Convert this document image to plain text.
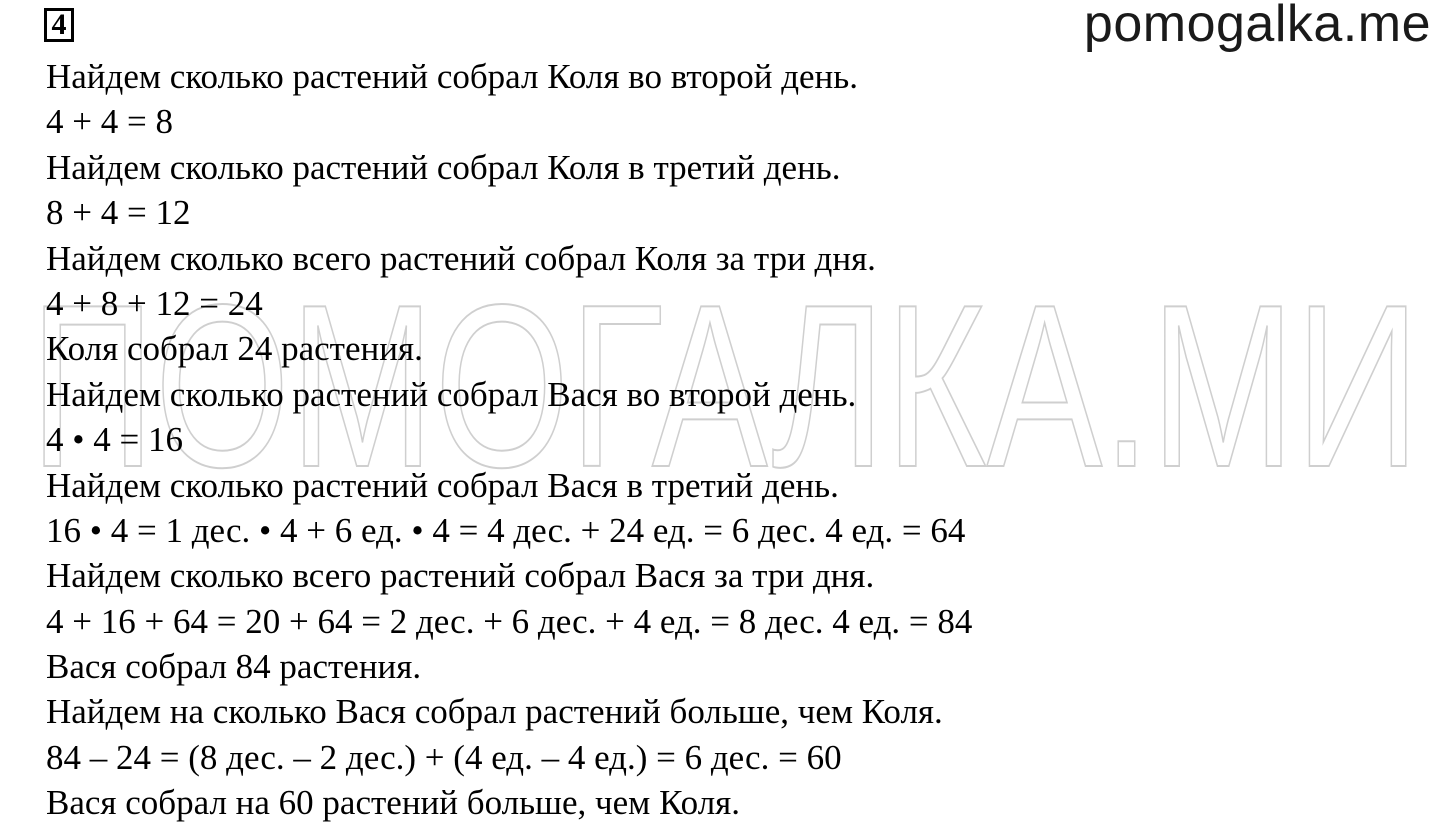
ПОМОГАЛКА.МИ
4	pomogalka.me
Найдем сколько растений собрал Коля во второй день.
4 + 4 = 8
Найдем сколько растений собрал Коля в третий день.
8 + 4 = 12
Найдем сколько всего растений собрал Коля за три дня.
4 + 8 + 12 = 24
Коля собрал 24 растения.
Найдем сколько растений собрал Вася во второй день.
4 • 4 = 16
Найдем сколько растений собрал Вася в третий день.
16 • 4 = 1 дес. • 4 + 6 ед. • 4 = 4 дес. + 24 ед. = 6 дес. 4 ед. = 64
Найдем сколько всего растений собрал Вася за три дня.
4 + 16 + 64 = 20 + 64 = 2 дес. + 6 дес. + 4 ед. = 8 дес. 4 ед. = 84
Вася собрал 84 растения.
Найдем на сколько Вася собрал растений больше, чем Коля.
84 – 24 = (8 дес. – 2 дес.) + (4 ед. – 4 ед.) = 6 дес. = 60
Вася собрал на 60 растений больше, чем Коля.
